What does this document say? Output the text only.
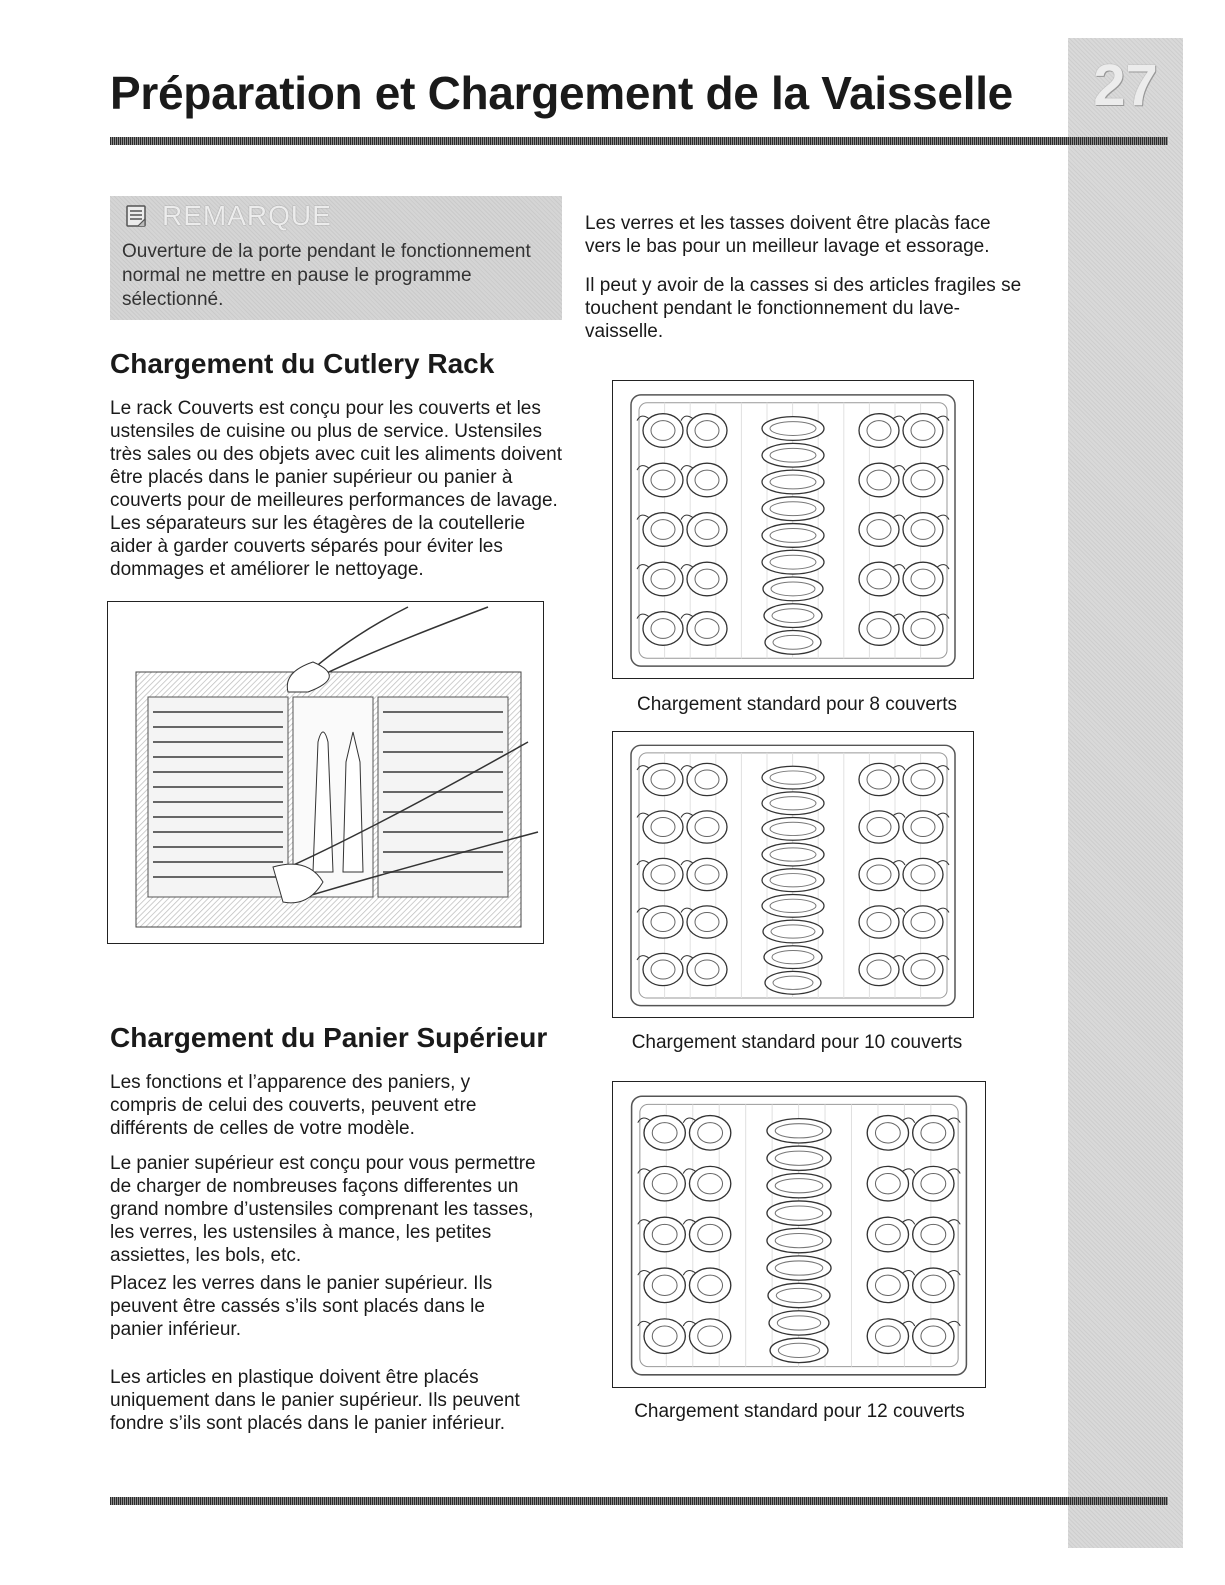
27
Préparation et Chargement de la Vaisselle
REMARQUE
Ouverture de la porte pendant le fonctionnement normal ne mettre en pause le programme sélectionné.
Chargement du Cutlery Rack

Le rack Couverts est conçu pour les couverts et les ustensiles de cuisine ou plus de service. Ustensiles très sales ou des objets avec cuit les aliments doivent être placés dans le panier supérieur ou panier à couverts pour de meilleures performances de lavage. Les séparateurs sur les étagères de la coutellerie aider à garder couverts séparés pour éviter les dommages et améliorer le nettoyage.

Chargement du Panier Supérieur

Les fonctions et l’apparence des paniers, y compris de celui des couverts, peuvent etre différents de celles de votre modèle.

Le panier supérieur est conçu pour vous permettre de charger de nombreuses façons differentes un grand nombre d’ustensiles comprenant les tasses, les verres, les ustensiles à mance, les petites assiettes, les bols, etc.

Placez les verres dans le panier supérieur. Ils peuvent être cassés s’ils sont placés dans le panier inférieur.

Les articles en plastique doivent être placés uniquement dans le panier supérieur. Ils peuvent fondre s’ils sont placés dans le panier inférieur.

Les verres et les tasses doivent être placàs face vers le bas pour un meilleur lavage et essorage.

Il peut y avoir de la casses si des articles fragiles se touchent pendant le fonctionnement du lave-vaisselle.

Chargement standard pour 8 couverts
Chargement standard pour 10 couverts
Chargement standard pour 12 couverts
